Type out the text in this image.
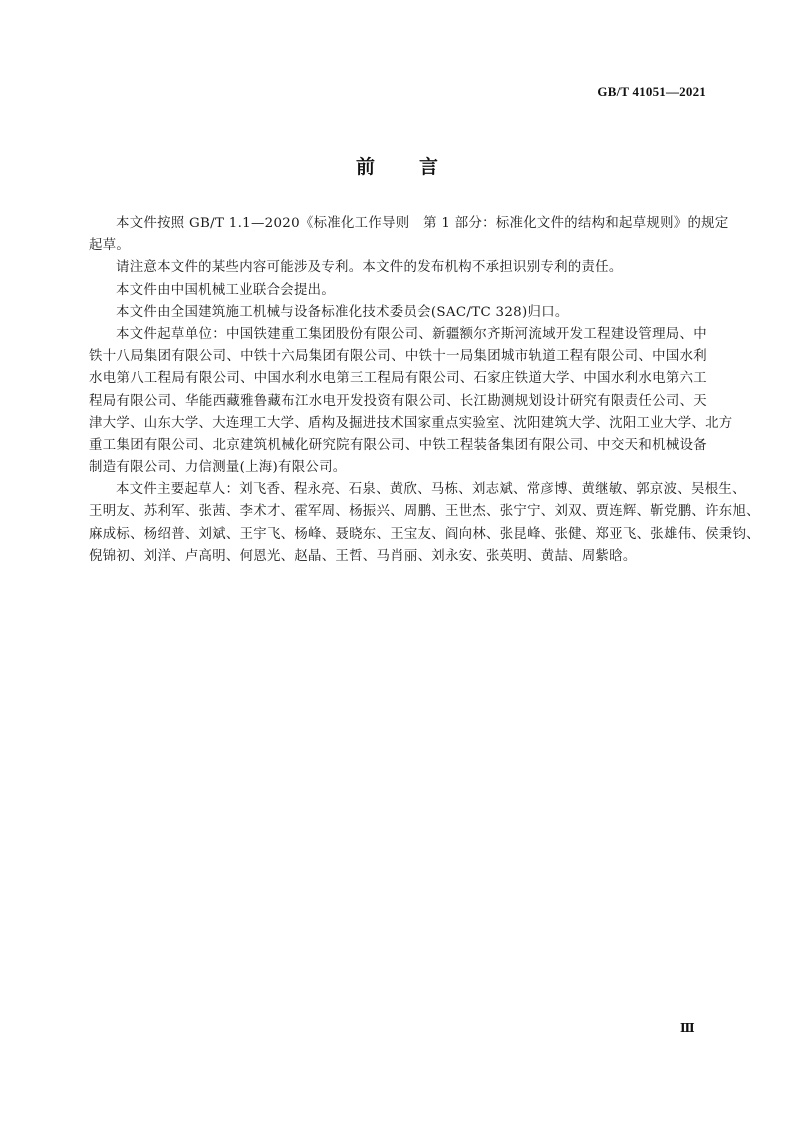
GB/T 41051—2021
前言
本文件按照 GB/T 1.1—2020《标准化工作导则　第 1 部分：标准化文件的结构和起草规则》的规定
起草。
请注意本文件的某些内容可能涉及专利。本文件的发布机构不承担识别专利的责任。
本文件由中国机械工业联合会提出。
本文件由全国建筑施工机械与设备标准化技术委员会(SAC/TC 328)归口。
本文件起草单位：中国铁建重工集团股份有限公司、新疆额尔齐斯河流域开发工程建设管理局、中
铁十八局集团有限公司、中铁十六局集团有限公司、中铁十一局集团城市轨道工程有限公司、中国水利
水电第八工程局有限公司、中国水利水电第三工程局有限公司、石家庄铁道大学、中国水利水电第六工
程局有限公司、华能西藏雅鲁藏布江水电开发投资有限公司、长江勘测规划设计研究有限责任公司、天
津大学、山东大学、大连理工大学、盾构及掘进技术国家重点实验室、沈阳建筑大学、沈阳工业大学、北方
重工集团有限公司、北京建筑机械化研究院有限公司、中铁工程装备集团有限公司、中交天和机械设备
制造有限公司、力信测量(上海)有限公司。
本文件主要起草人：刘飞香、程永亮、石泉、黄欣、马栋、刘志斌、常彦博、黄继敏、郭京波、吴根生、
王明友、苏利军、张茜、李术才、霍军周、杨振兴、周鹏、王世杰、张宁宁、刘双、贾连辉、靳党鹏、许东旭、
麻成标、杨绍普、刘斌、王宇飞、杨峰、聂晓东、王宝友、阎向林、张昆峰、张健、郑亚飞、张雄伟、侯秉钧、
倪锦初、刘洋、卢高明、何恩光、赵晶、王哲、马肖丽、刘永安、张英明、黄喆、周紫晗。
Ⅲ
